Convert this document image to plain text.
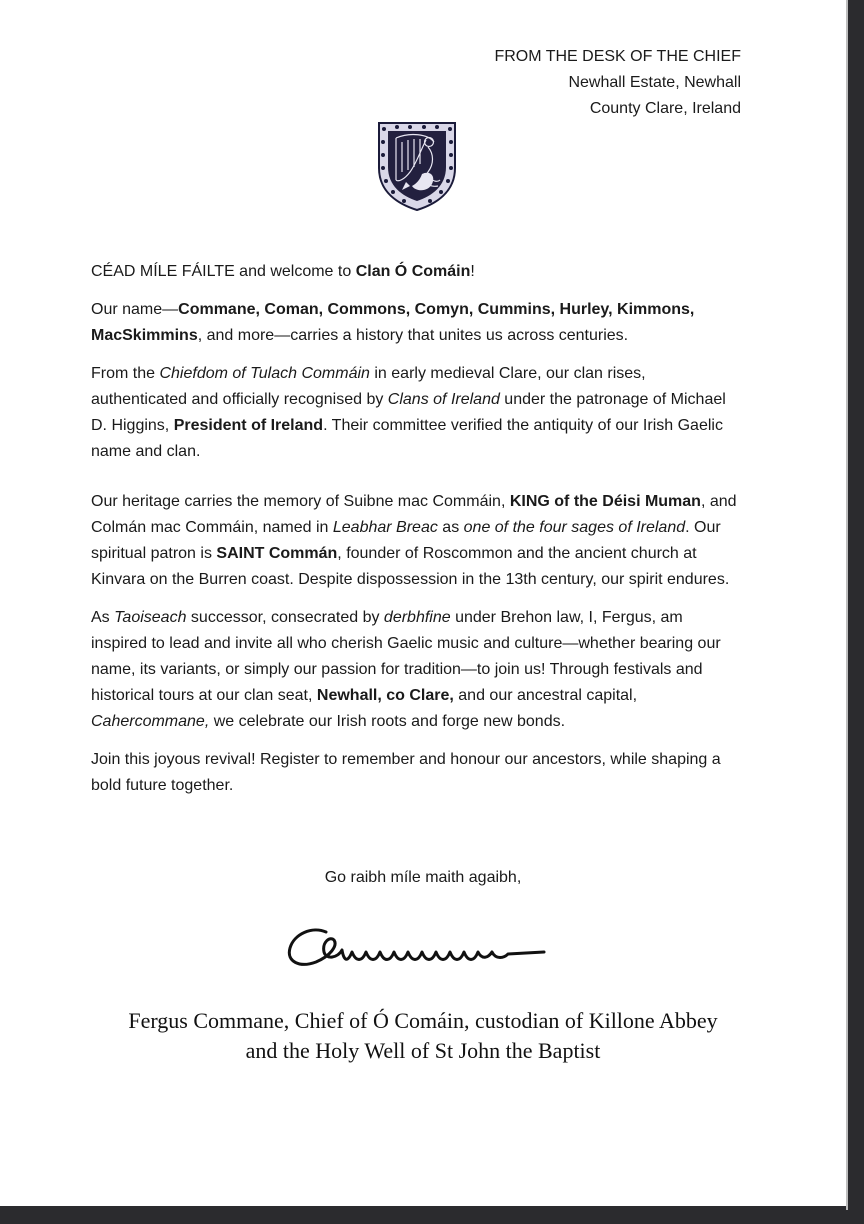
FROM THE DESK OF THE CHIEF
Newhall Estate, Newhall
County Clare, Ireland

CÉAD MÍLE FÁILTE and welcome to Clan Ó Comáin!

Our name—Commane, Coman, Commons, Comyn, Cummins, Hurley, Kimmons, MacSkimmins, and more—carries a history that unites us across centuries.

From the Chiefdom of Tulach Commáin in early medieval Clare, our clan rises, authenticated and officially recognised by Clans of Ireland under the patronage of Michael D. Higgins, President of Ireland. Their committee verified the antiquity of our Irish Gaelic name and clan.

Our heritage carries the memory of Suibne mac Commáin, KING of the Déisi Muman, and Colmán mac Commáin, named in Leabhar Breac as one of the four sages of Ireland. Our spiritual patron is SAINT Commán, founder of Roscommon and the ancient church at Kinvara on the Burren coast. Despite dispossession in the 13th century, our spirit endures.

As Taoiseach successor, consecrated by derbhfine under Brehon law, I, Fergus, am inspired to lead and invite all who cherish Gaelic music and culture—whether bearing our name, its variants, or simply our passion for tradition—to join us! Through festivals and historical tours at our clan seat, Newhall, co Clare, and our ancestral capital, Cahercommane, we celebrate our Irish roots and forge new bonds.

Join this joyous revival! Register to remember and honour our ancestors, while shaping a bold future together.

Go raibh míle maith agaibh,
Fergus Commane, Chief of Ó Comáin, custodian of Killone Abbey
and the Holy Well of St John the Baptist
